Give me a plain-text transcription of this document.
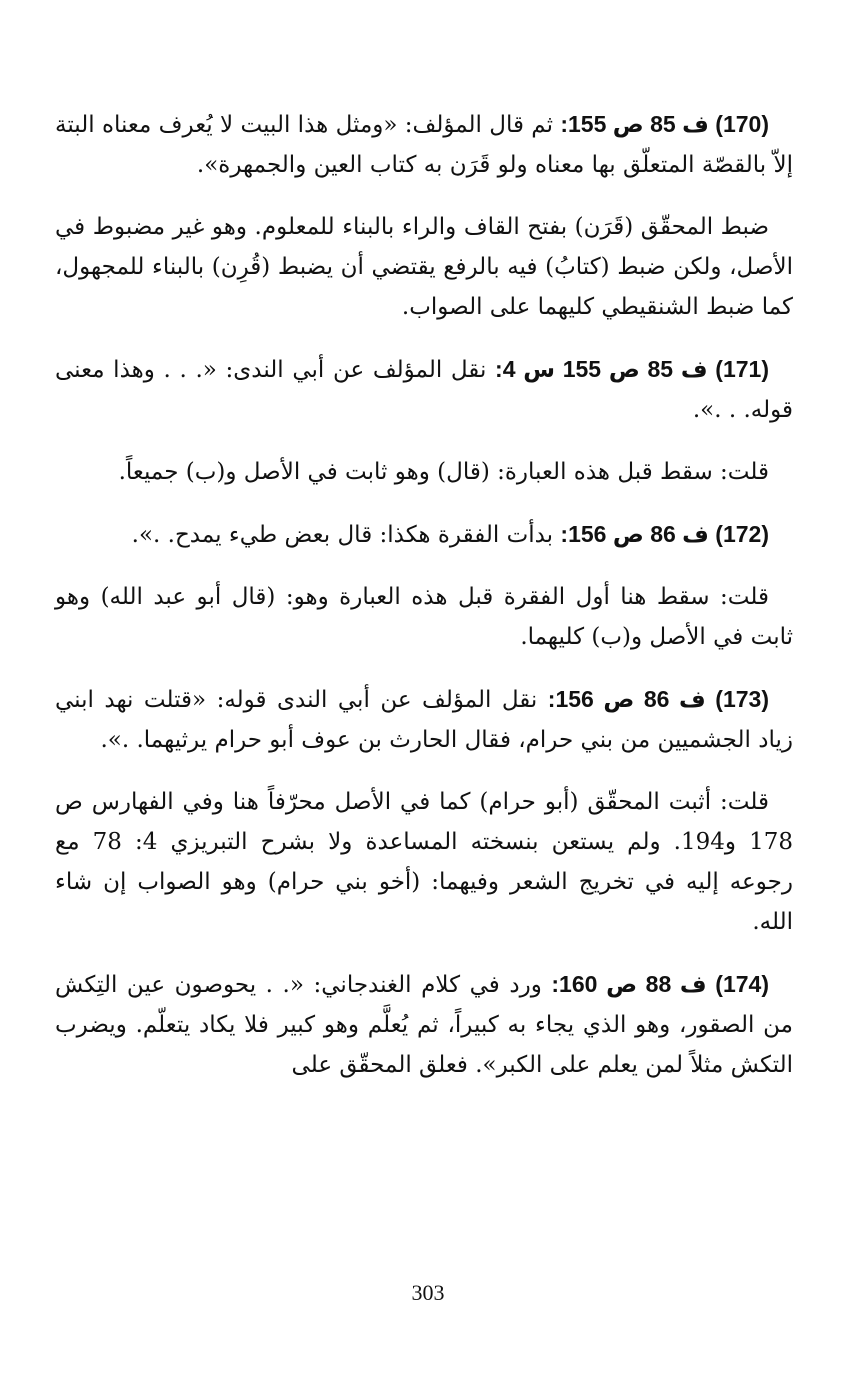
(170) ف 85 ص 155: ثم قال المؤلف: «ومثل هذا البيت لا يُعرف معناه البتة إلاّ بالقصّة المتعلّق بها معناه ولو قَرَن به كتاب العين والجمهرة».

ضبط المحقّق (قَرَن) بفتح القاف والراء بالبناء للمعلوم. وهو غير مضبوط في الأصل، ولكن ضبط (كتابُ) فيه بالرفع يقتضي أن يضبط (قُرِن) بالبناء للمجهول، كما ضبط الشنقيطي كليهما على الصواب.

(171) ف 85 ص 155 س 4: نقل المؤلف عن أبي الندى: «. . . وهذا معنى قوله. . .».

قلت: سقط قبل هذه العبارة: (قال) وهو ثابت في الأصل و(ب) جميعاً.

(172) ف 86 ص 156: بدأت الفقرة هكذا: قال بعض طيء يمدح. .».

قلت: سقط هنا أول الفقرة قبل هذه العبارة وهو: (قال أبو عبد الله) وهو ثابت في الأصل و(ب) كليهما.

(173) ف 86 ص 156: نقل المؤلف عن أبي الندى قوله: «قتلت نهد ابني زياد الجشميين من بني حرام، فقال الحارث بن عوف أبو حرام يرثيهما. .».

قلت: أثبت المحقّق (أبو حرام) كما في الأصل محرّفاً هنا وفي الفهارس ص 178 و194. ولم يستعن بنسخته المساعدة ولا بشرح التبريزي 4: 78 مع رجوعه إليه في تخريج الشعر وفيهما: (أخو بني حرام) وهو الصواب إن شاء الله.

(174) ف 88 ص 160: ورد في كلام الغندجاني: «. . يحوصون عين التِكش من الصقور، وهو الذي يجاء به كبيراً، ثم يُعلَّم وهو كبير فلا يكاد يتعلّم. ويضرب التكش مثلاً لمن يعلم على الكبر». فعلق المحقّق على

303
